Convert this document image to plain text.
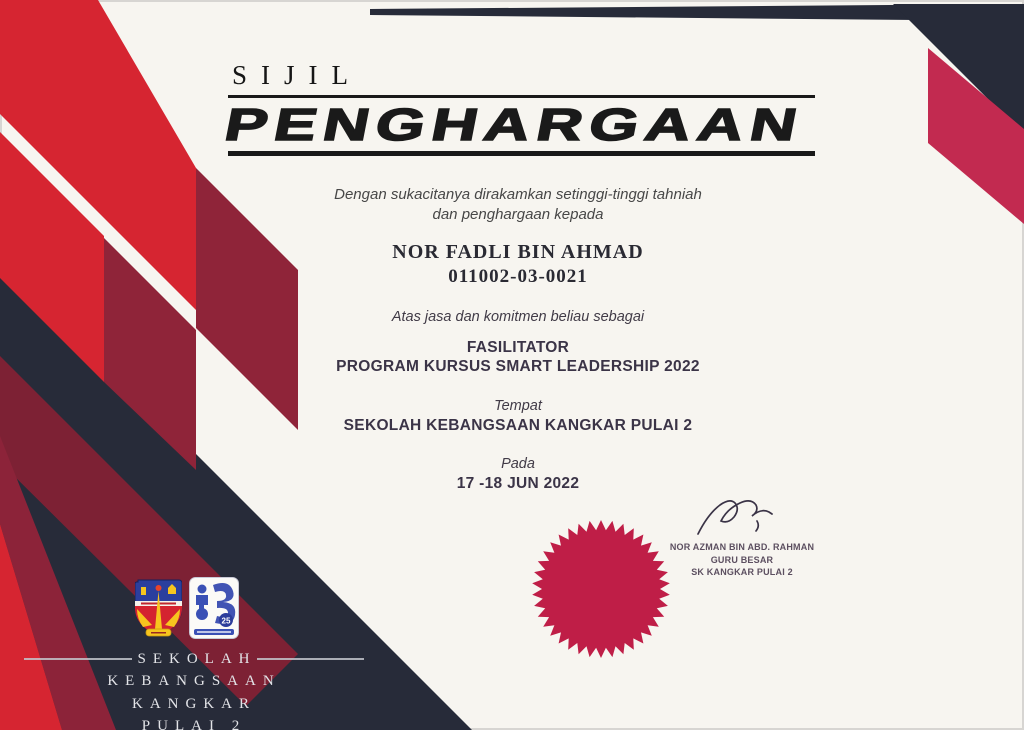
SIJIL
PENGHARGAAN
Dengan sukacitanya dirakamkan setinggi-tinggi tahniah
dan penghargaan kepada
NOR FADLI BIN AHMAD
011002-03-0021
Atas jasa dan komitmen beliau sebagai
FASILITATOR
PROGRAM KURSUS SMART LEADERSHIP 2022
Tempat
SEKOLAH KEBANGSAAN KANGKAR PULAI 2
Pada
17 -18 JUN 2022
NOR AZMAN BIN ABD. RAHMAN
GURU BESAR
SK KANGKAR PULAI 2
25
SEKOLAH
KEBANGSAAN
KANGKAR
PULAI 2
